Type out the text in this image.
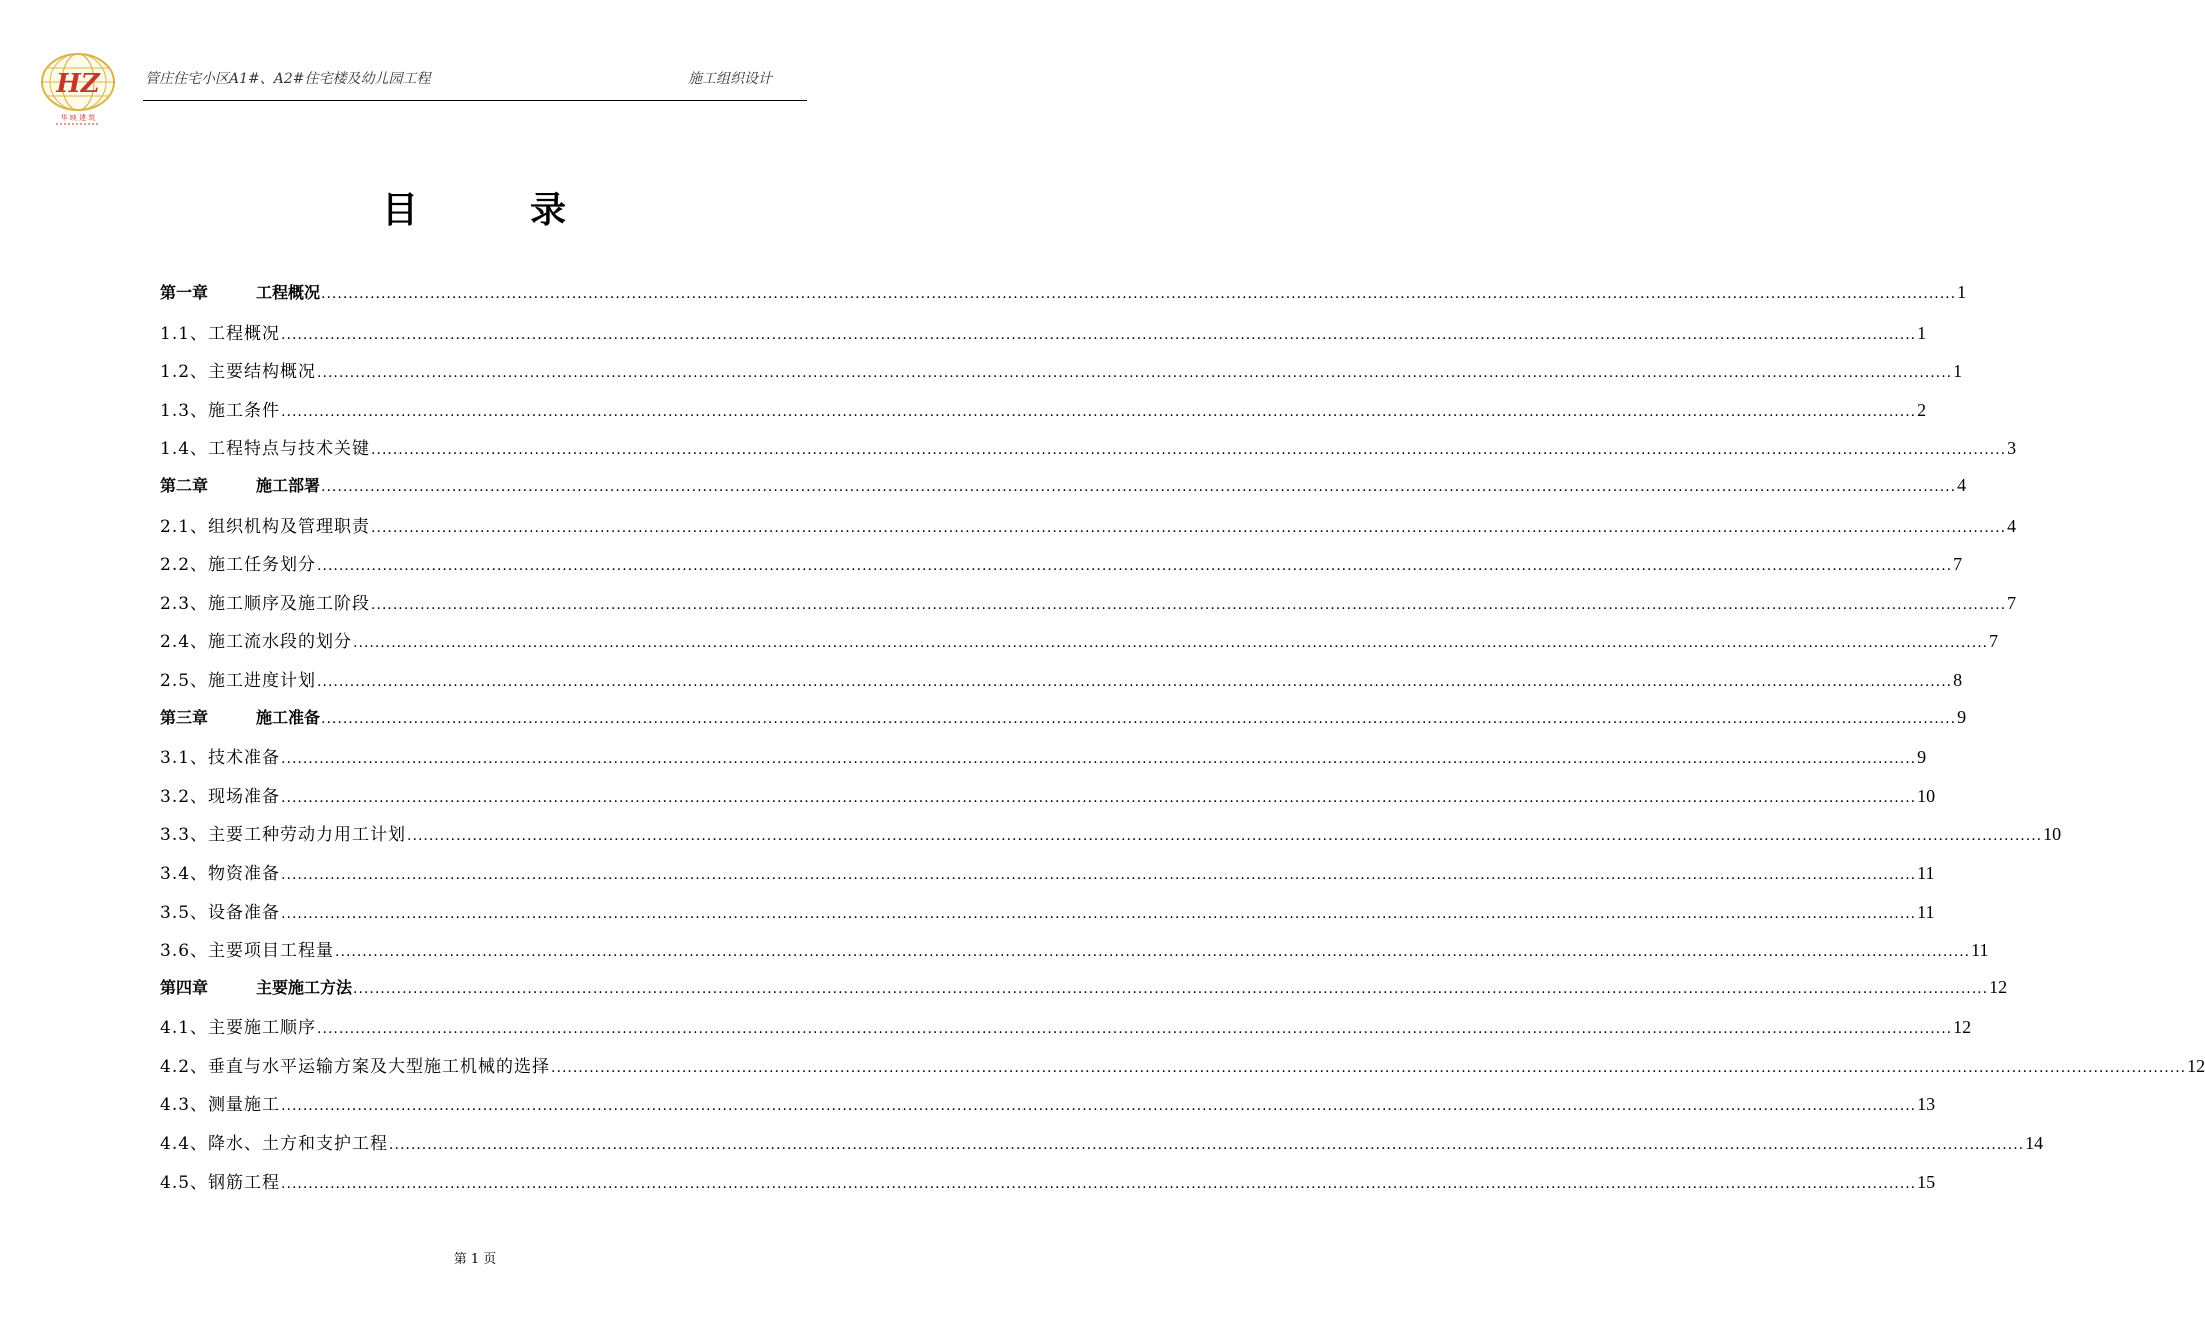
HZ
华 映 建 筑
管庄住宅小区A1#、A2#住宅楼及幼儿园工程	施工组织设计
目	录
第一章	工程概况 ............................................................................................................................................................................................................................................................................................................ 1
1.1、工程概况 ............................................................................................................................................................................................................................................................................................................ 1
1.2、主要结构概况 ............................................................................................................................................................................................................................................................................................................ 1
1.3、施工条件 ............................................................................................................................................................................................................................................................................................................ 2
1.4、工程特点与技术关键 ............................................................................................................................................................................................................................................................................................................ 3
第二章	施工部署 ............................................................................................................................................................................................................................................................................................................ 4
2.1、组织机构及管理职责 ............................................................................................................................................................................................................................................................................................................ 4
2.2、施工任务划分 ............................................................................................................................................................................................................................................................................................................ 7
2.3、施工顺序及施工阶段 ............................................................................................................................................................................................................................................................................................................ 7
2.4、施工流水段的划分 ............................................................................................................................................................................................................................................................................................................ 7
2.5、施工进度计划 ............................................................................................................................................................................................................................................................................................................ 8
第三章	施工准备 ............................................................................................................................................................................................................................................................................................................ 9
3.1、技术准备 ............................................................................................................................................................................................................................................................................................................ 9
3.2、现场准备 ............................................................................................................................................................................................................................................................................................................ 10
3.3、主要工种劳动力用工计划 ............................................................................................................................................................................................................................................................................................................ 10
3.4、物资准备 ............................................................................................................................................................................................................................................................................................................ 11
3.5、设备准备 ............................................................................................................................................................................................................................................................................................................ 11
3.6、主要项目工程量 ............................................................................................................................................................................................................................................................................................................ 11
第四章	主要施工方法 ............................................................................................................................................................................................................................................................................................................ 12
4.1、主要施工顺序 ............................................................................................................................................................................................................................................................................................................ 12
4.2、垂直与水平运输方案及大型施工机械的选择 ............................................................................................................................................................................................................................................................................................................ 12
4.3、测量施工 ............................................................................................................................................................................................................................................................................................................ 13
4.4、降水、土方和支护工程 ............................................................................................................................................................................................................................................................................................................ 14
4.5、钢筋工程 ............................................................................................................................................................................................................................................................................................................ 15
第 1 页
